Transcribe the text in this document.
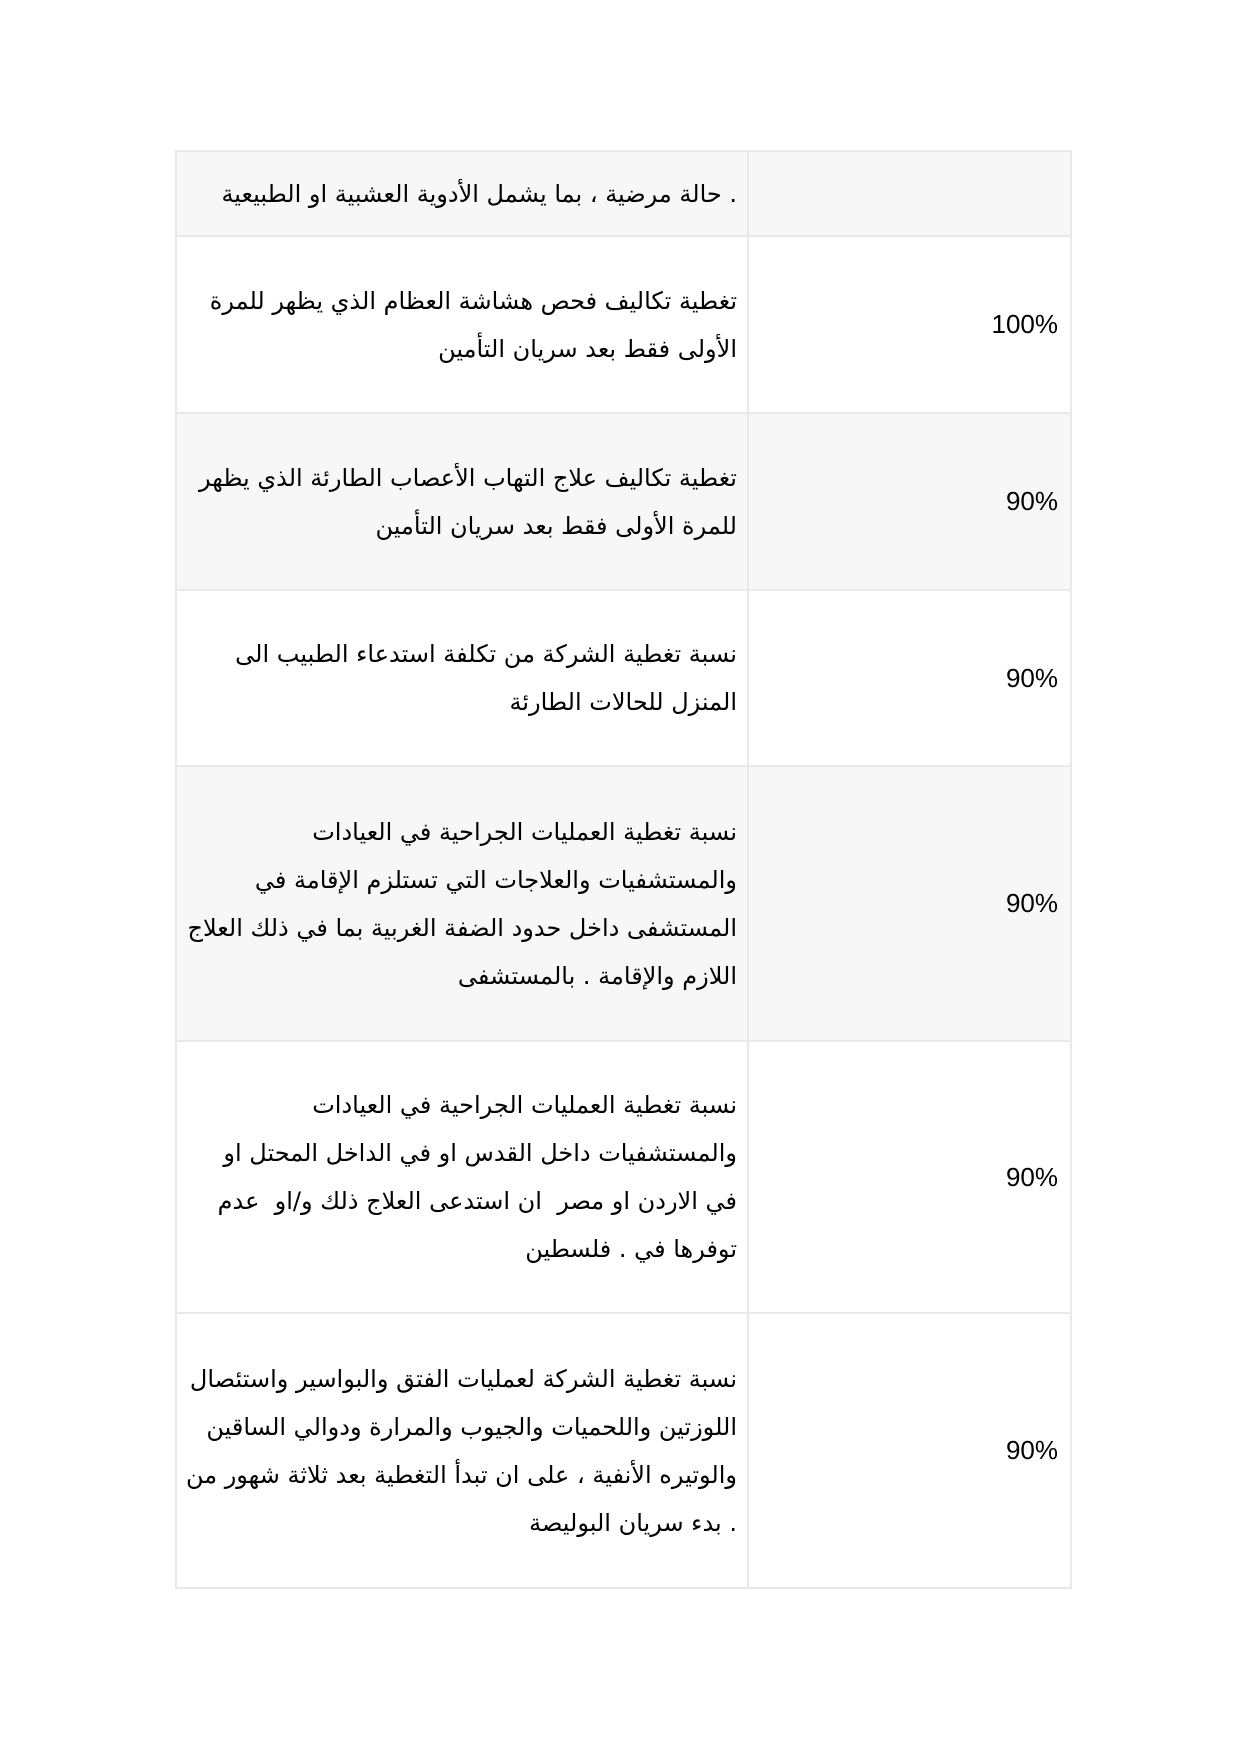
. حالة مرضية ، بما يشمل الأدوية العشبية او الطبيعية	

تغطية تكاليف فحص هشاشة العظام الذي يظهر للمرة الأولى فقط بعد سريان التأمين	100%

تغطية تكاليف علاج التهاب الأعصاب الطارئة الذي يظهر للمرة الأولى فقط بعد سريان التأمين	90%

نسبة تغطية الشركة من تكلفة استدعاء الطبيب الى المنزل للحالات الطارئة	90%

نسبة تغطية العمليات الجراحية في العيادات والمستشفيات والعلاجات التي تستلزم الإقامة في المستشفى داخل حدود الضفة الغربية بما في ذلك العلاج اللازم والإقامة . بالمستشفى	90%

نسبة تغطية العمليات الجراحية في العيادات والمستشفيات داخل القدس او في الداخل المحتل او في الاردن او مصر  ان استدعى العلاج ذلك و/او  عدم توفرها في . فلسطين	90%

نسبة تغطية الشركة لعمليات الفتق والبواسير واستئصال اللوزتين واللحميات والجيوب والمرارة ودوالي الساقين والوتيره الأنفية ، على ان تبدأ التغطية بعد ثلاثة شهور من . بدء سريان البوليصة	90%
